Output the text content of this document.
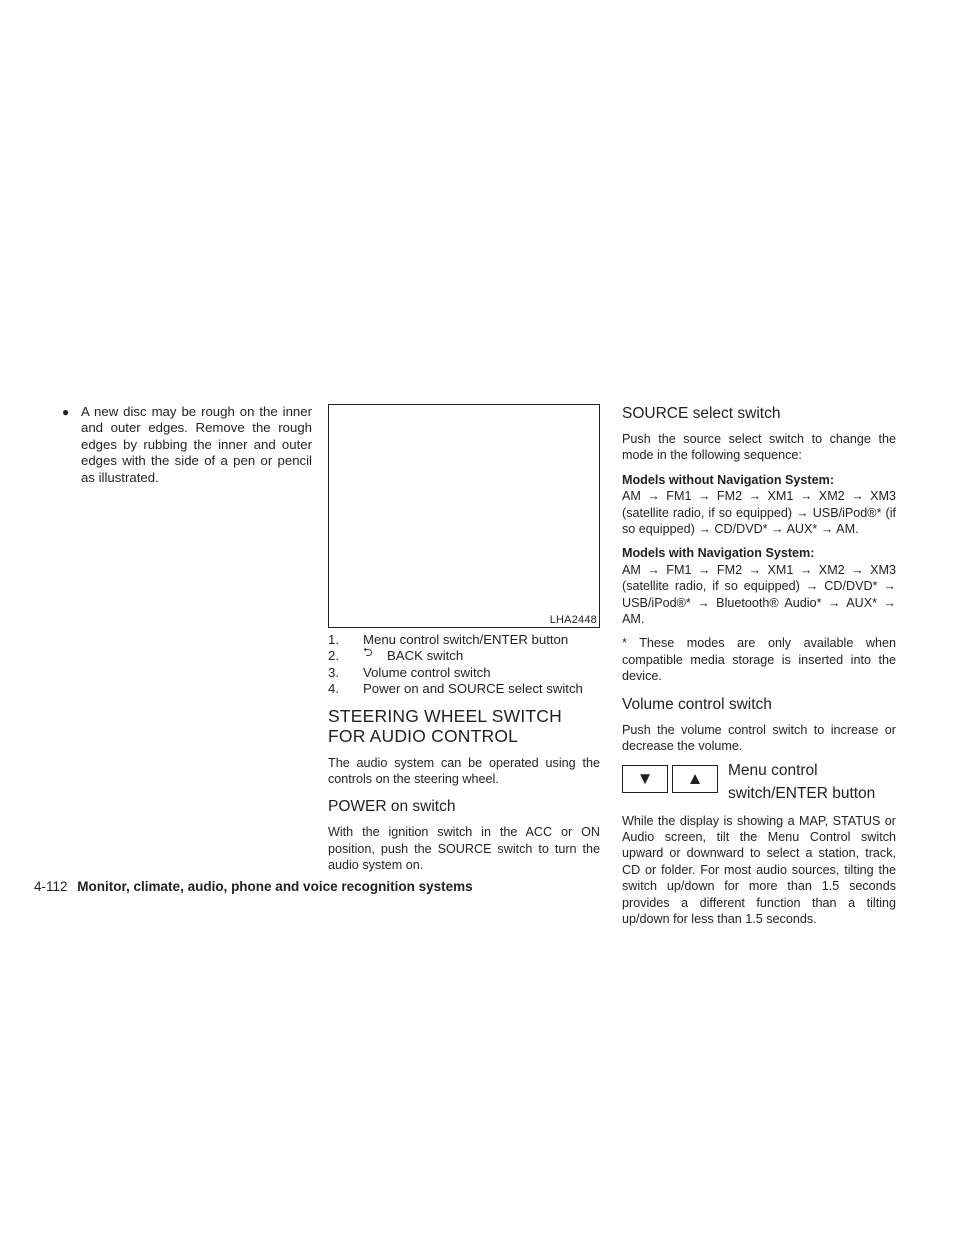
● A new disc may be rough on the inner and outer edges. Remove the rough edges by rubbing the inner and outer edges with the side of a pen or pencil as illustrated.
LHA2448
1.	Menu control switch/ENTER button
2.	⮌ BACK switch
3.	Volume control switch
4.	Power on and SOURCE select switch
STEERING WHEEL SWITCH FOR AUDIO CONTROL

The audio system can be operated using the controls on the steering wheel.

POWER on switch

With the ignition switch in the ACC or ON position, push the SOURCE switch to turn the audio system on.

SOURCE select switch

Push the source select switch to change the mode in the following sequence:

Models without Navigation System:
AM → FM1 → FM2 → XM1 → XM2 → XM3 (satellite radio, if so equipped) → USB/iPod®* (if so equipped) → CD/DVD* → AUX* → AM.

Models with Navigation System:
AM → FM1 → FM2 → XM1 → XM2 → XM3 (satellite radio, if so equipped) → CD/DVD* → USB/iPod®* → Bluetooth® Audio* → AUX* → AM.

* These modes are only available when compatible media storage is inserted into the device.

Volume control switch

Push the volume control switch to increase or decrease the volume.

▼	▲	Menu control
switch/ENTER button

While the display is showing a MAP, STATUS or Audio screen, tilt the Menu Control switch upward or downward to select a station, track, CD or folder. For most audio sources, tilting the switch up/down for more than 1.5 seconds provides a different function than a tilting up/down for less than 1.5 seconds.

4-112 Monitor, climate, audio, phone and voice recognition systems
